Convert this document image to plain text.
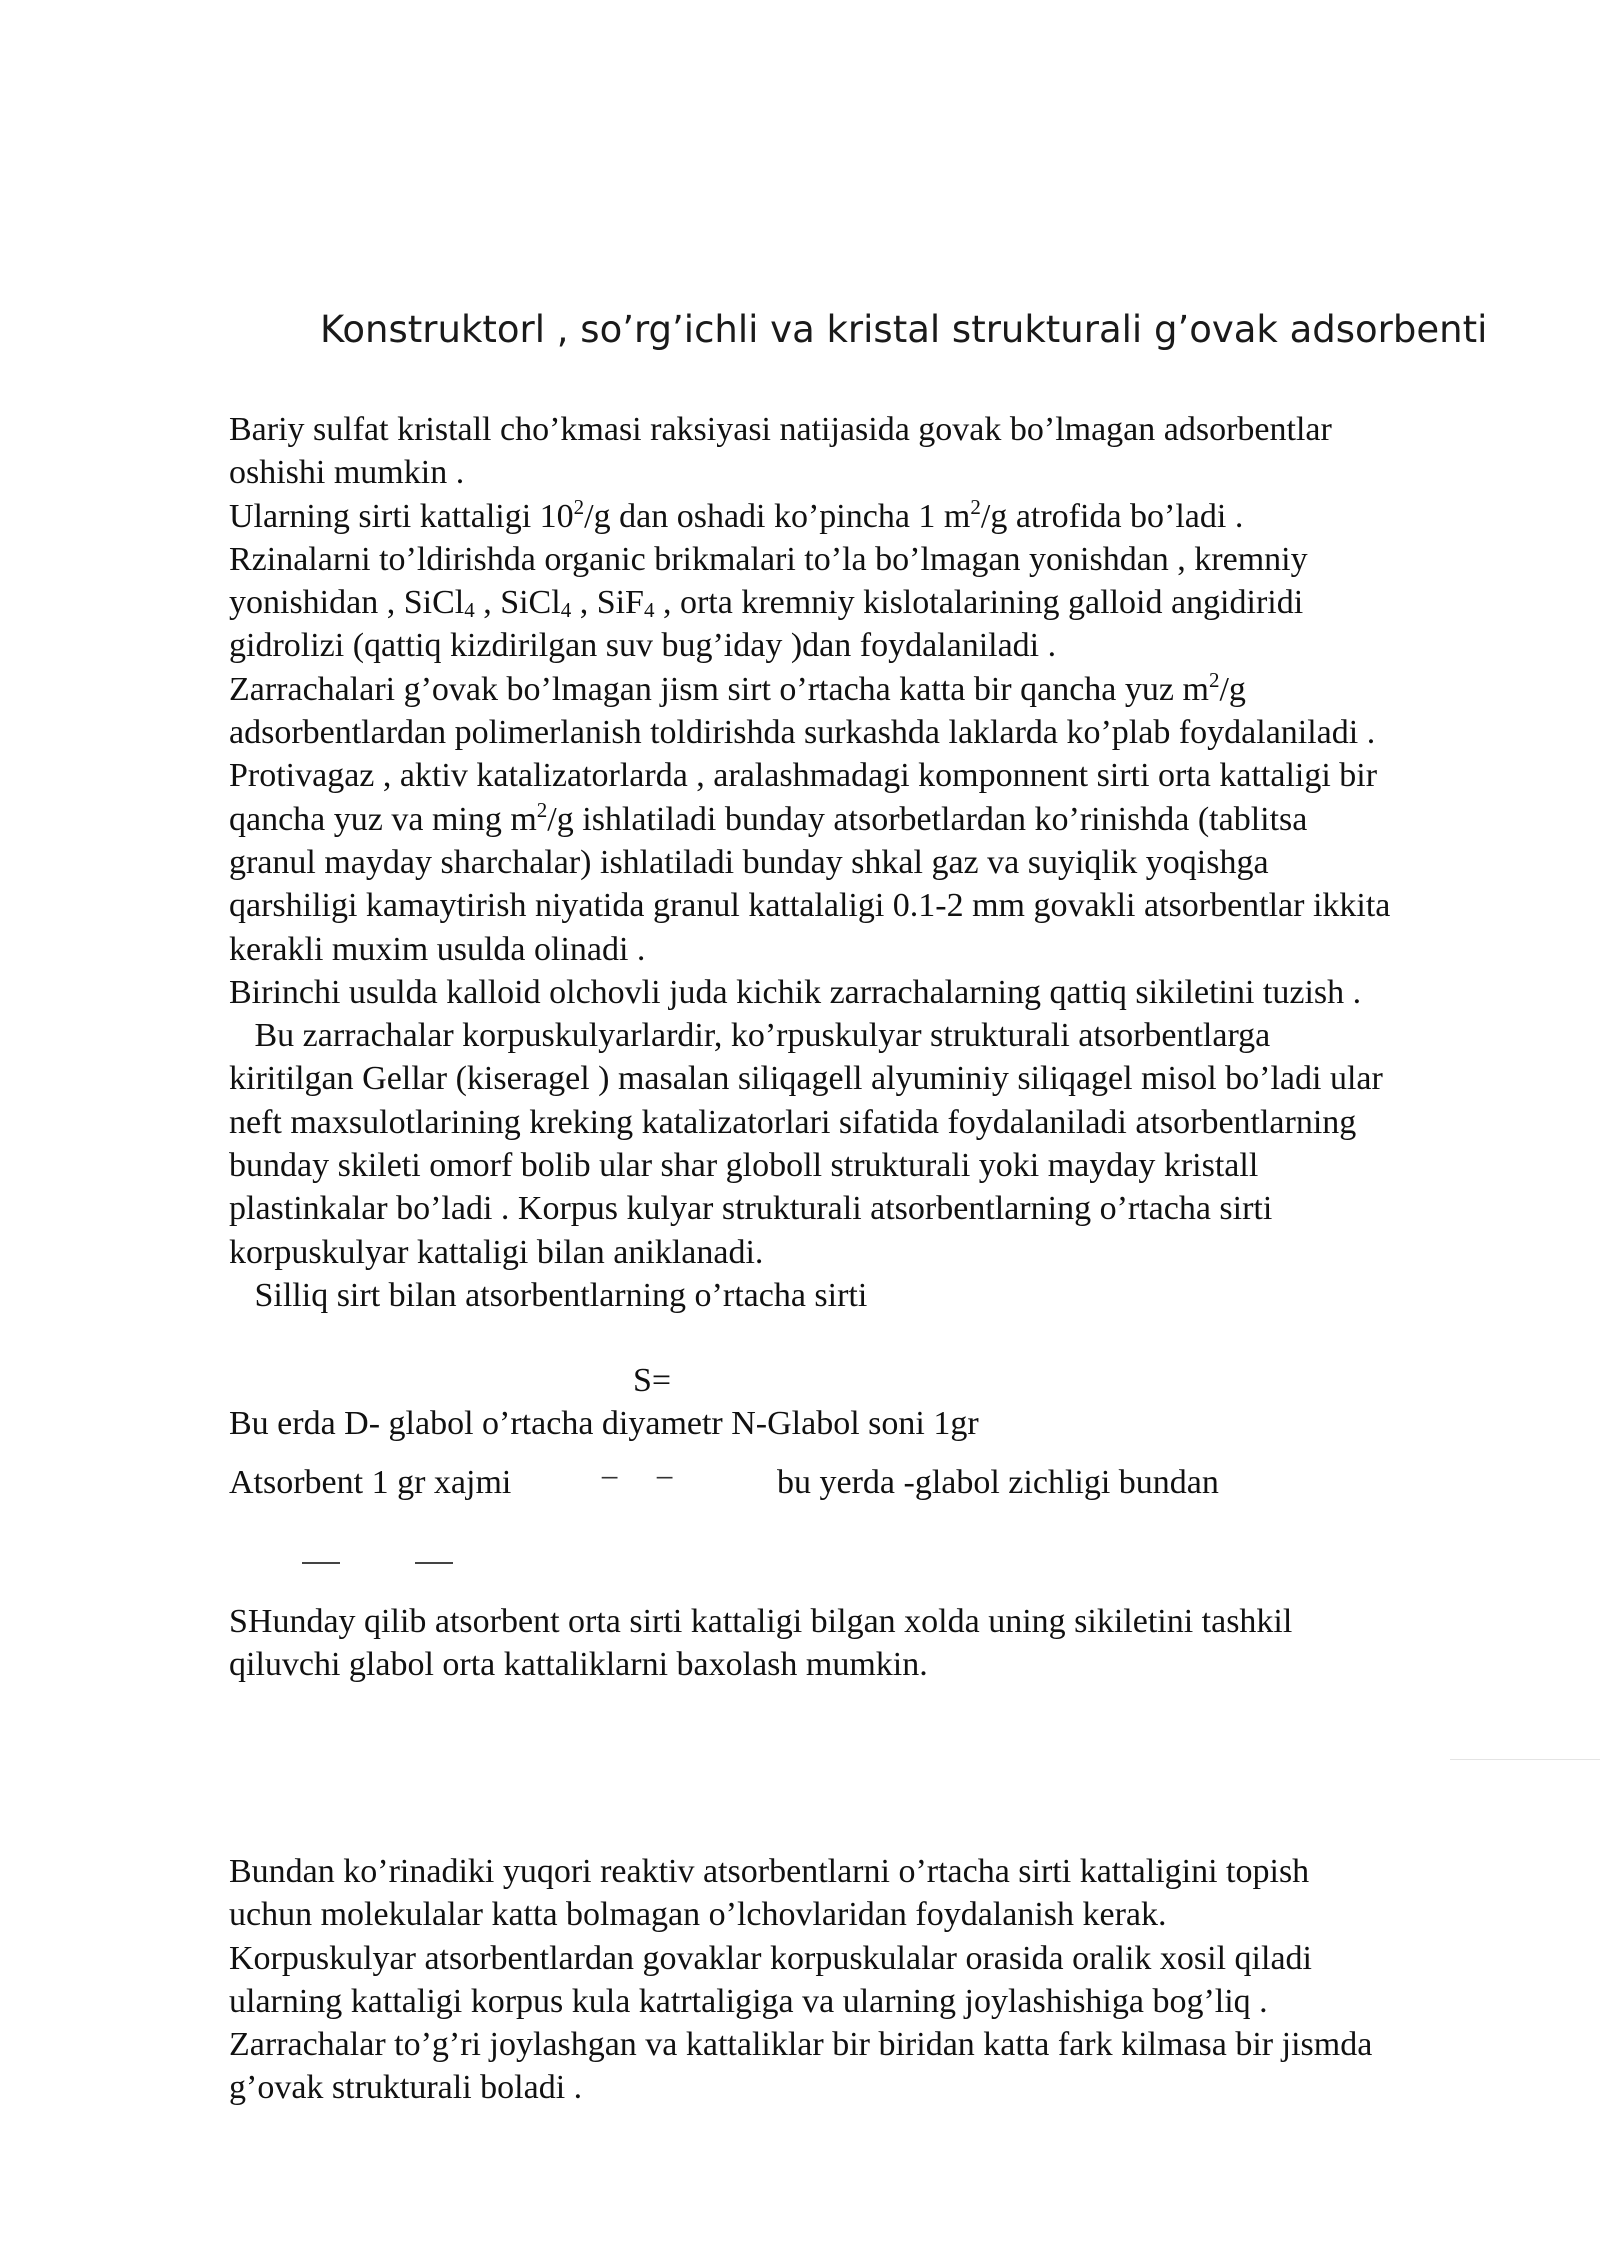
Konstruktorl , so’rg’ichli va kristal strukturali g’ovak adsorbenti
Bariy sulfat kristall cho’kmasi raksiyasi natijasida govak bo’lmagan adsorbentlar
oshishi mumkin .
Ularning sirti kattaligi $10^2/g$ dan oshadi ko’pincha 1 $m^2/g$ atrofida bo’ladi .
Rzinalarni to’ldirishda organic brikmalari to’la bo’lmagan yonishdan , kremniy
yonishidan , SiCl$_4$ , SiCl$_4$ , SiF$_4$ , orta kremniy kislotalarining galloid angidiridi
gidrolizi (qattiq kizdirilgan suv bug’iday )dan foydalaniladi .
Zarrachalari g’ovak bo’lmagan jism sirt o’rtacha katta bir qancha yuz $m^2/g$
adsorbentlardan polimerlanish toldirishda surkashda laklarda ko’plab foydalaniladi .
Protivagaz , aktiv katalizatorlarda , aralashmadagi komponnent sirti orta kattaligi bir
qancha yuz va ming $m^2/g$ ishlatiladi bunday atsorbetlardan ko’rinishda (tablitsa
granul mayday sharchalar) ishlatiladi bunday shkal gaz va suyiqlik yoqishga
qarshiligi kamaytirish niyatida granul kattalaligi 0.1-2 mm govakli atsorbentlar ikkita
kerakli muxim usulda olinadi .
Birinchi usulda kalloid olchovli juda kichik zarrachalarning qattiq sikiletini tuzish .
Bu zarrachalar korpuskulyarlardir, ko’rpuskulyar strukturali atsorbentlarga
kiritilgan Gellar (kiseragel ) masalan siliqagell alyuminiy siliqagel misol bo’ladi ular
neft maxsulotlarining kreking katalizatorlari sifatida foydalaniladi atsorbentlarning
bunday skileti omorf bolib ular shar globoll strukturali yoki mayday kristall
plastinkalar bo’ladi . Korpus kulyar strukturali atsorbentlarning o’rtacha sirti
korpuskulyar kattaligi bilan aniklanadi.
Silliq sirt bilan atsorbentlarning o’rtacha sirti
S=
Bu erda D- glabol o’rtacha diyametr N-Glabol soni 1gr
Atsorbent 1 gr xajmi	− −	bu yerda -glabol zichligi bundan
SHunday qilib atsorbent orta sirti kattaligi bilgan xolda uning sikiletini tashkil
qiluvchi glabol orta kattaliklarni baxolash mumkin.
Bundan ko’rinadiki yuqori reaktiv atsorbentlarni o’rtacha sirti kattaligini topish
uchun molekulalar katta bolmagan o’lchovlaridan foydalanish kerak.
Korpuskulyar atsorbentlardan govaklar korpuskulalar orasida oralik xosil qiladi
ularning kattaligi korpus kula katrtaligiga va ularning joylashishiga bog’liq .
Zarrachalar to’g’ri joylashgan va kattaliklar bir biridan katta fark kilmasa bir jismda
g’ovak strukturali boladi .
